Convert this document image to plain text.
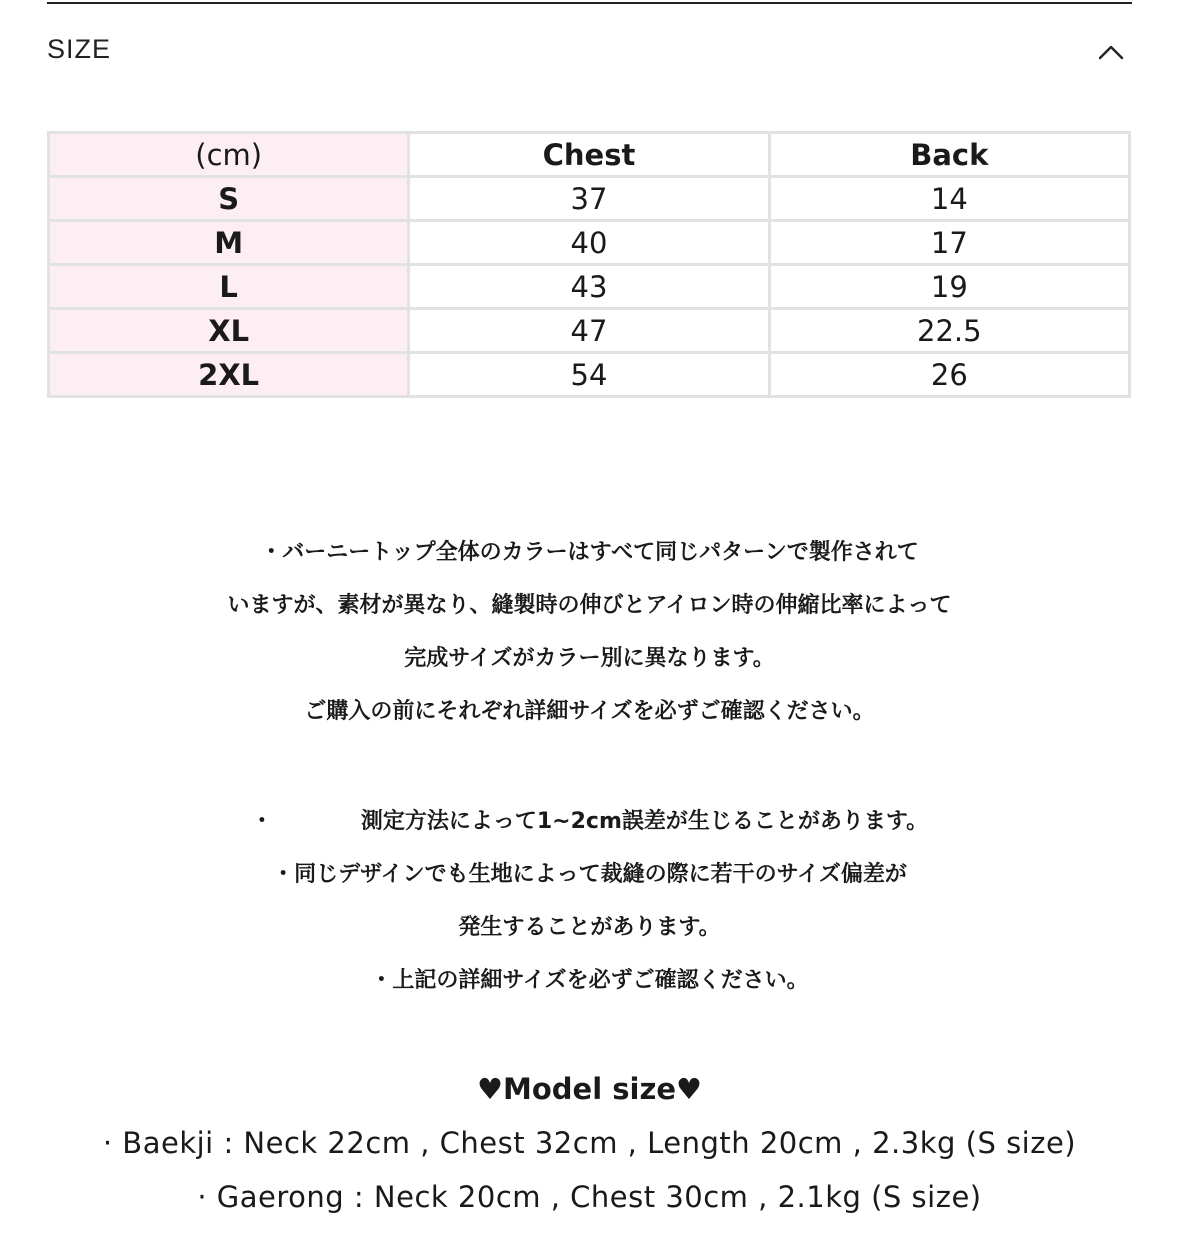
SIZE
(cm)	Chest	Back
S	37	14
M	40	17
L	43	19
XL	47	22.5
2XL	54	26
・バーニートップ全体のカラーはすべて同じパターンで製作されて
いますが、素材が異なり、縫製時の伸びとアイロン時の伸縮比率によって
完成サイズがカラー別に異なります。
ご購入の前にそれぞれ詳細サイズを必ずご確認ください。
・　　　　測定方法によって1~2cm誤差が生じることがあります。
・同じデザインでも生地によって裁縫の際に若干のサイズ偏差が
発生することがあります。
・上記の詳細サイズを必ずご確認ください。
♥Model size♥
· Baekji : Neck 22cm , Chest 32cm , Length 20cm , 2.3kg (S size)
· Gaerong : Neck 20cm , Chest 30cm , 2.1kg (S size)
